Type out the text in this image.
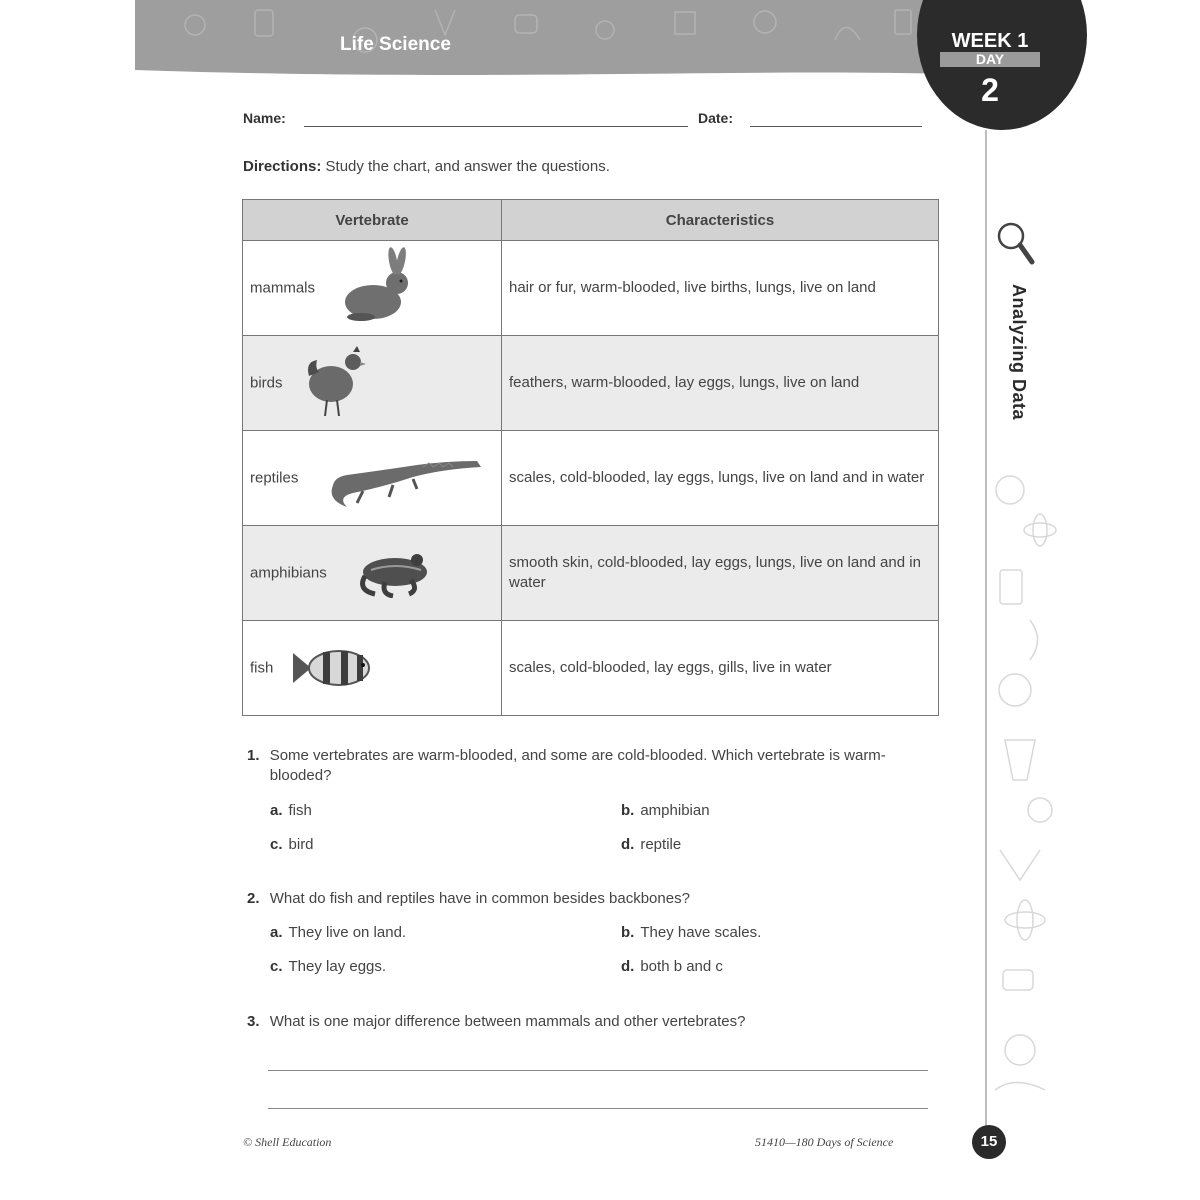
Life Science	WEEK 1
DAY
2
Analyzing Data
Name:	Date:
Directions: Study the chart, and answer the questions.
Vertebrate	Characteristics

mammals	hair or fur, warm-blooded, live births, lungs, live on land

birds	feathers, warm-blooded, lay eggs, lungs, live on land

reptiles	scales, cold-blooded, lay eggs, lungs, live on land and in water

amphibians	smooth skin, cold-blooded, lay eggs, lungs, live on land and in water

fish	scales, cold-blooded, lay eggs, gills, live in water
1. Some vertebrates are warm-blooded, and some are cold-blooded. Which vertebrate is warm-blooded?
a. fish	b. amphibian
c. bird	d. reptile
2. What do fish and reptiles have in common besides backbones?
a. They live on land.	b. They have scales.
c. They lay eggs.	d. both b and c
3. What is one major difference between mammals and other vertebrates?
© Shell Education	51410—180 Days of Science	15
